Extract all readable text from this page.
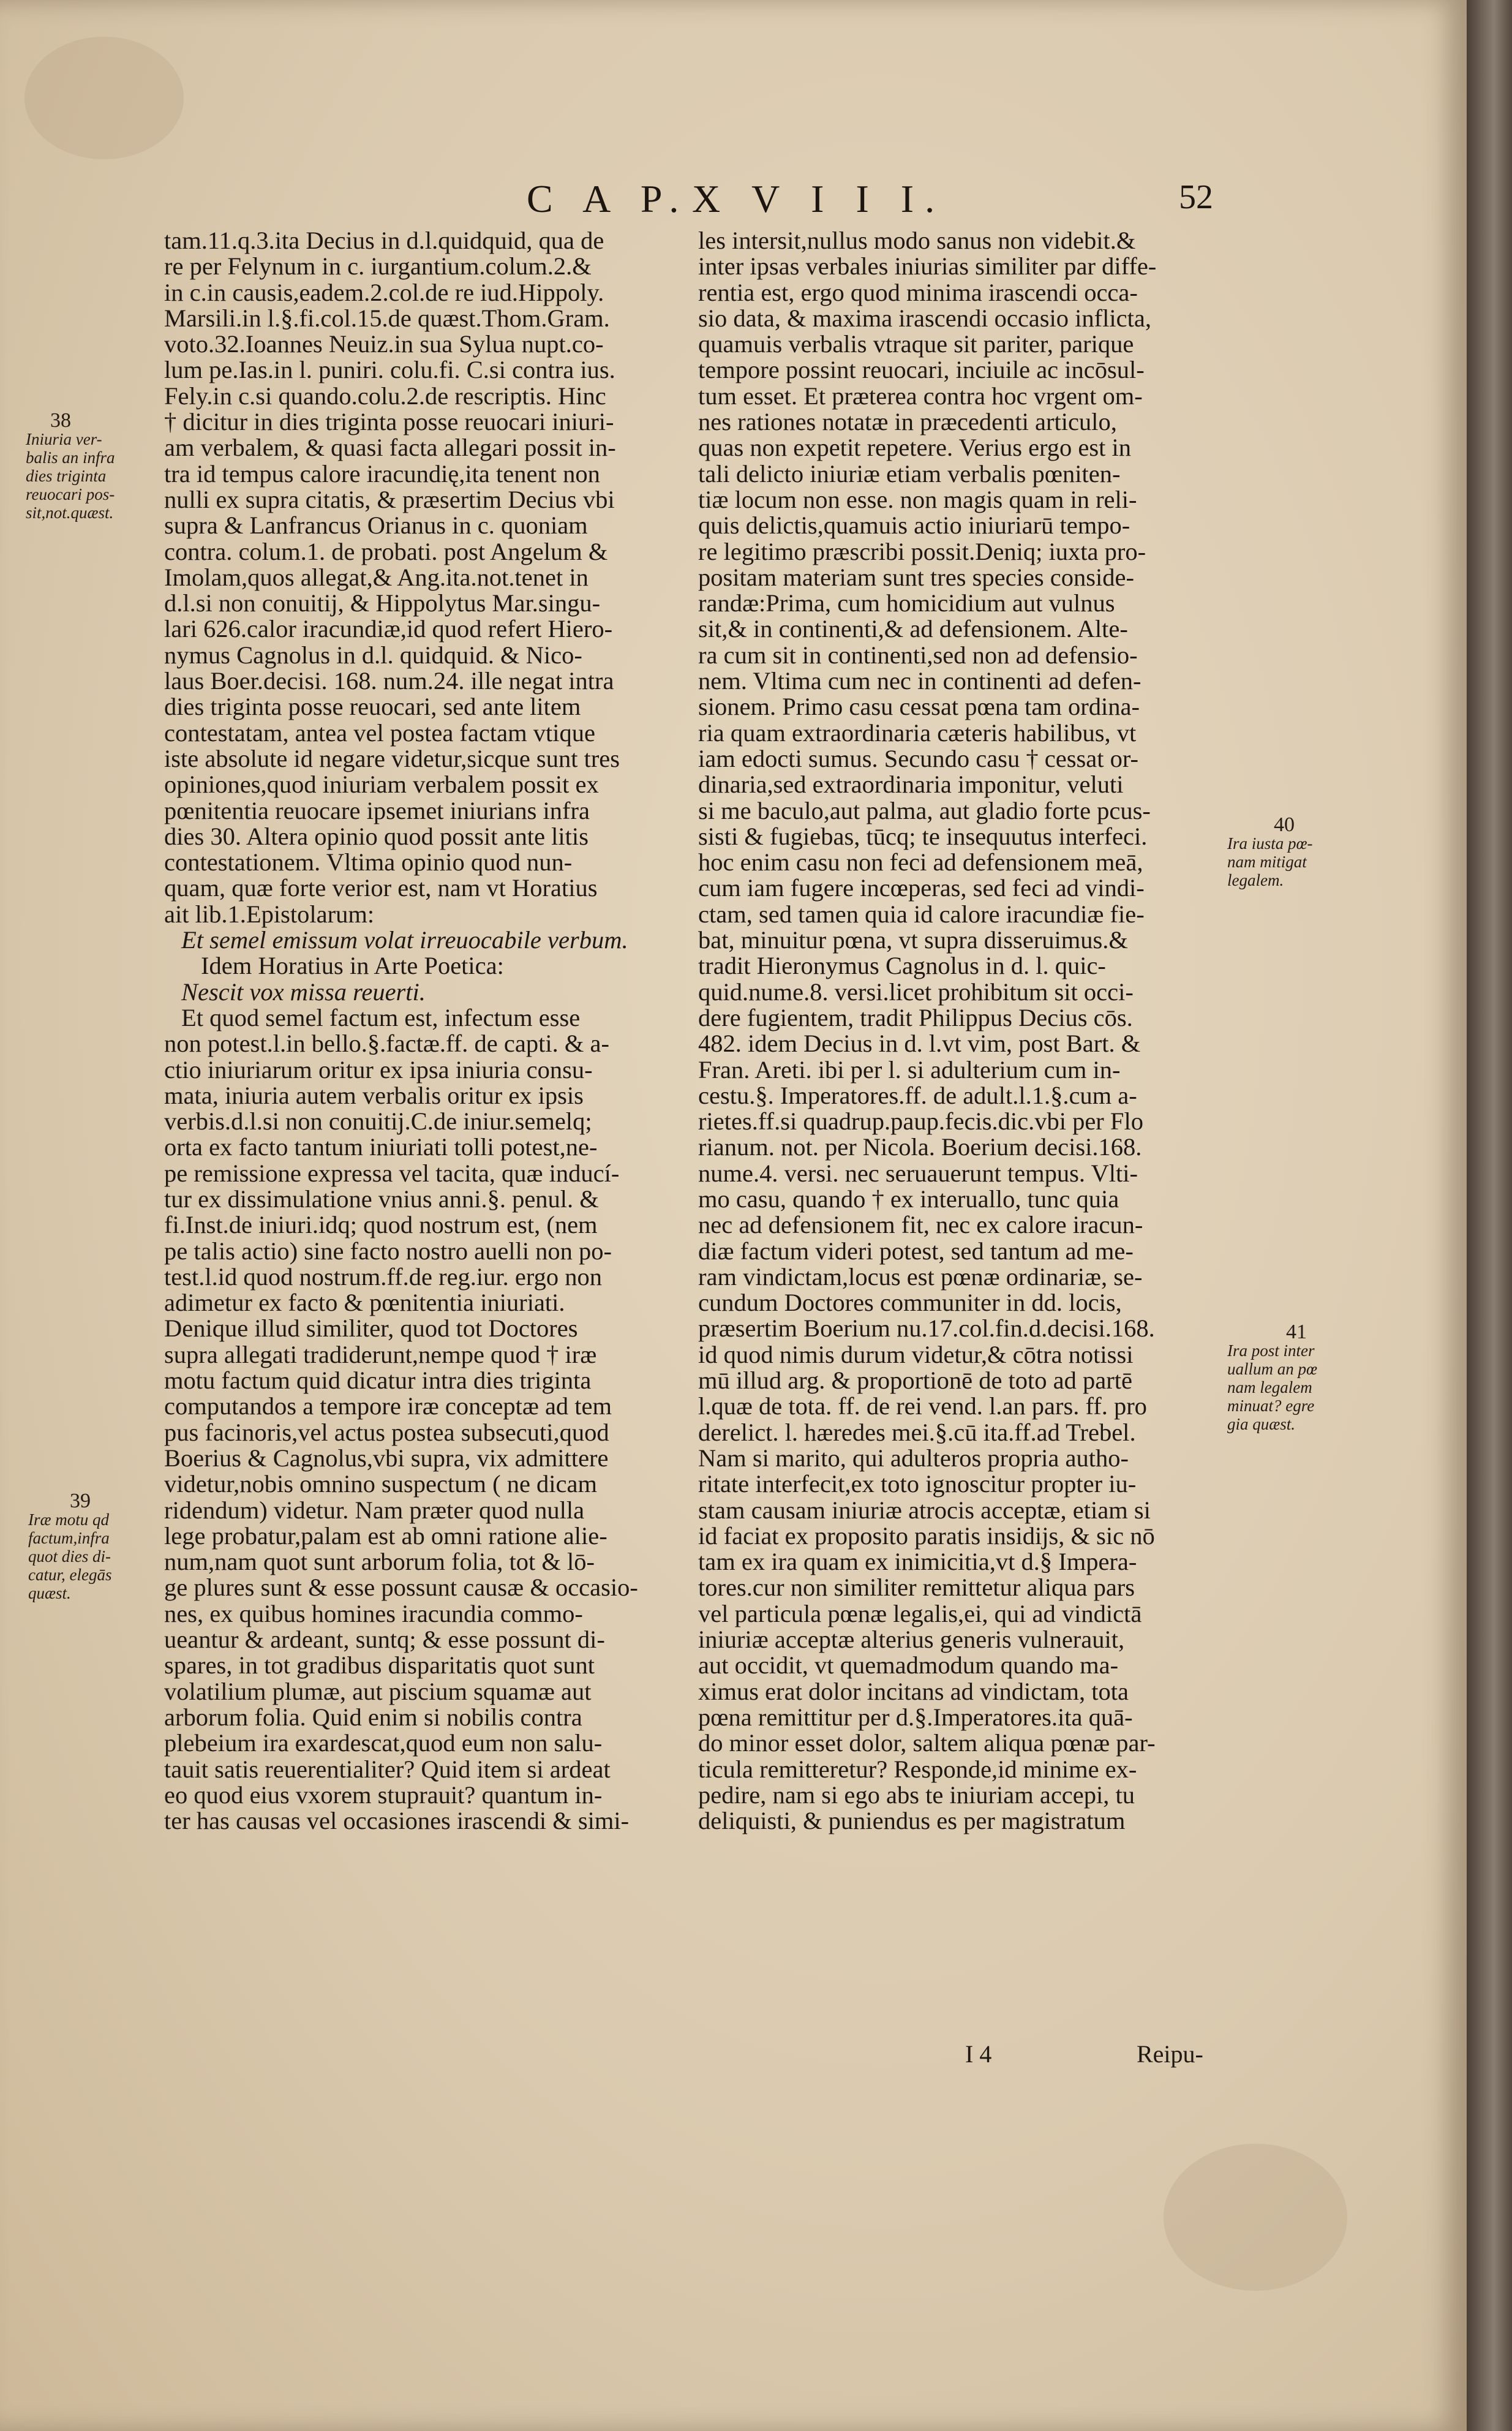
C A P. X V I I I.	52
tam.11.q.3.ita Decius in d.l.quidquid, qua de
re per Felynum in c. iurgantium.colum.2.&
in c.in causis,eadem.2.col.de re iud.Hippoly.
Marsili.in l.§.fi.col.15.de quæst.Thom.Gram.
voto.32.Ioannes Neuiz.in sua Sylua nupt.co-
lum pe.Ias.in l. puniri. colu.fi. C.si contra ius.
Fely.in c.si quando.colu.2.de rescriptis. Hinc
† dicitur in dies triginta posse reuocari iniuri-
am verbalem, & quasi facta allegari possit in-
tra id tempus calore iracundię,ita tenent non
nulli ex supra citatis, & præsertim Decius vbi
supra & Lanfrancus Orianus in c. quoniam
contra. colum.1. de probati. post Angelum &
Imolam,quos allegat,& Ang.ita.not.tenet in
d.l.si non conuitij, & Hippolytus Mar.singu-
lari 626.calor iracundiæ,id quod refert Hiero-
nymus Cagnolus in d.l. quidquid. & Nico-
laus Boer.decisi. 168. num.24. ille negat intra
dies triginta posse reuocari, sed ante litem
contestatam, antea vel postea factam vtique
iste absolute id negare videtur,sicque sunt tres
opiniones,quod iniuriam verbalem possit ex
pœnitentia reuocare ipsemet iniurians infra
dies 30. Altera opinio quod possit ante litis
contestationem. Vltima opinio quod nun-
quam, quæ forte verior est, nam vt Horatius
ait lib.1.Epistolarum:
Et semel emissum volat irreuocabile verbum.
Idem Horatius in Arte Poetica:
Nescit vox missa reuerti.
Et quod semel factum est, infectum esse
non potest.l.in bello.§.factæ.ff. de capti. & a-
ctio iniuriarum oritur ex ipsa iniuria consu-
mata, iniuria autem verbalis oritur ex ipsis
verbis.d.l.si non conuitij.C.de iniur.semelq;
orta ex facto tantum iniuriati tolli potest,ne-
pe remissione expressa vel tacita, quæ inducí-
tur ex dissimulatione vnius anni.§. penul. &
fi.Inst.de iniuri.idq; quod nostrum est, (nem
pe talis actio) sine facto nostro auelli non po-
test.l.id quod nostrum.ff.de reg.iur. ergo non
adimetur ex facto & pœnitentia iniuriati.
Denique illud similiter, quod tot Doctores
supra allegati tradiderunt,nempe quod † iræ
motu factum quid dicatur intra dies triginta
computandos a tempore iræ conceptæ ad tem
pus facinoris,vel actus postea subsecuti,quod
Boerius & Cagnolus,vbi supra, vix admittere
videtur,nobis omnino suspectum ( ne dicam
ridendum) videtur. Nam præter quod nulla
lege probatur,palam est ab omni ratione alie-
num,nam quot sunt arborum folia, tot & lō-
ge plures sunt & esse possunt causæ & occasio-
nes, ex quibus homines iracundia commo-
ueantur & ardeant, suntq; & esse possunt di-
spares, in tot gradibus disparitatis quot sunt
volatilium plumæ, aut piscium squamæ aut
arborum folia. Quid enim si nobilis contra
plebeium ira exardescat,quod eum non salu-
tauit satis reuerentialiter? Quid item si ardeat
eo quod eius vxorem stuprauit? quantum in-
ter has causas vel occasiones irascendi & simi-
les intersit,nullus modo sanus non videbit.&
inter ipsas verbales iniurias similiter par diffe-
rentia est, ergo quod minima irascendi occa-
sio data, & maxima irascendi occasio inflicta,
quamuis verbalis vtraque sit pariter, parique
tempore possint reuocari, inciuile ac incōsul-
tum esset. Et præterea contra hoc vrgent om-
nes rationes notatæ in præcedenti articulo,
quas non expetit repetere. Verius ergo est in
tali delicto iniuriæ etiam verbalis pœniten-
tiæ locum non esse. non magis quam in reli-
quis delictis,quamuis actio iniuriarū tempo-
re legitimo præscribi possit.Deniq; iuxta pro-
positam materiam sunt tres species conside-
randæ:Prima, cum homicidium aut vulnus
sit,& in continenti,& ad defensionem. Alte-
ra cum sit in continenti,sed non ad defensio-
nem. Vltima cum nec in continenti ad defen-
sionem. Primo casu cessat pœna tam ordina-
ria quam extraordinaria cæteris habilibus, vt
iam edocti sumus. Secundo casu † cessat or-
dinaria,sed extraordinaria imponitur, veluti
si me baculo,aut palma, aut gladio forte pcus-
sisti & fugiebas, tūcq; te insequutus interfeci.
hoc enim casu non feci ad defensionem meā,
cum iam fugere incœperas, sed feci ad vindi-
ctam, sed tamen quia id calore iracundiæ fie-
bat, minuitur pœna, vt supra disseruimus.&
tradit Hieronymus Cagnolus in d. l. quic-
quid.nume.8. versi.licet prohibitum sit occi-
dere fugientem, tradit Philippus Decius cōs.
482. idem Decius in d. l.vt vim, post Bart. &
Fran. Areti. ibi per l. si adulterium cum in-
cestu.§. Imperatores.ff. de adult.l.1.§.cum a-
rietes.ff.si quadrup.paup.fecis.dic.vbi per Flo
rianum. not. per Nicola. Boerium decisi.168.
nume.4. versi. nec seruauerunt tempus. Vlti-
mo casu, quando † ex interuallo, tunc quia
nec ad defensionem fit, nec ex calore iracun-
diæ factum videri potest, sed tantum ad me-
ram vindictam,locus est pœnæ ordinariæ, se-
cundum Doctores communiter in dd. locis,
præsertim Boerium nu.17.col.fin.d.decisi.168.
id quod nimis durum videtur,& cōtra notissi
mū illud arg. & proportionē de toto ad partē
l.quæ de tota. ff. de rei vend. l.an pars. ff. pro
derelict. l. hæredes mei.§.cū ita.ff.ad Trebel.
Nam si marito, qui adulteros propria autho-
ritate interfecit,ex toto ignoscitur propter iu-
stam causam iniuriæ atrocis acceptæ, etiam si
id faciat ex proposito paratis insidijs, & sic nō
tam ex ira quam ex inimicitia,vt d.§ Impera-
tores.cur non similiter remittetur aliqua pars
vel particula pœnæ legalis,ei, qui ad vindictā
iniuriæ acceptæ alterius generis vulnerauit,
aut occidit, vt quemadmodum quando ma-
ximus erat dolor incitans ad vindictam, tota
pœna remittitur per d.§.Imperatores.ita quā-
do minor esset dolor, saltem aliqua pœnæ par-
ticula remitteretur? Responde,id minime ex-
pedire, nam si ego abs te iniuriam accepi, tu
deliquisti, & puniendus es per magistratum
38
Iniuria ver-
balis an infra
dies triginta
reuocari pos-
sit,not.quæst.
39
Iræ motu qd
factum,infra
quot dies di-
catur, elegās
quæst.
40
Ira iusta pœ-
nam mitigat
legalem.
41
Ira post inter
uallum an pœ
nam legalem
minuat? egre
gia quæst.
I 4	Reipu-
